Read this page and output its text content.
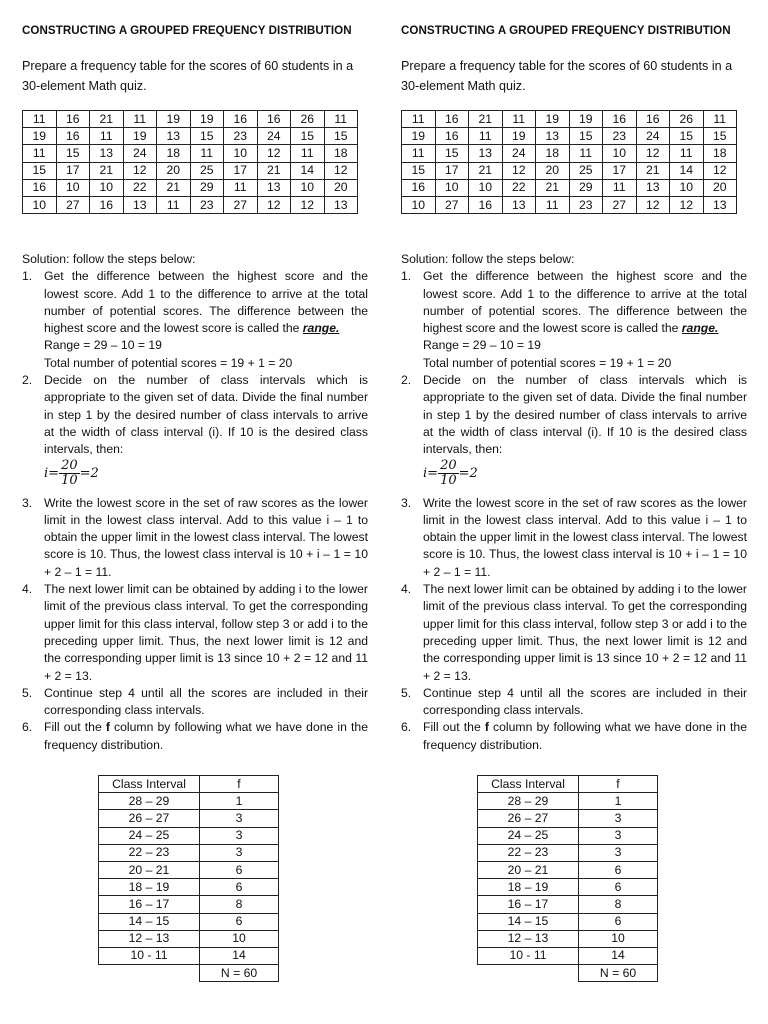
CONSTRUCTING A GROUPED FREQUENCY DISTRIBUTION
Prepare a frequency table for the scores of 60 students in a 30-element Math quiz.
11	16	21	11	19	19	16	16	26	11
19	16	11	19	13	15	23	24	15	15
11	15	13	24	18	11	10	12	11	18
15	17	21	12	20	25	17	21	14	12
16	10	10	22	21	29	11	13	10	20
10	27	16	13	11	23	27	12	12	13

Solution: follow the steps below:

1. Get the difference between the highest score and the lowest score. Add 1 to the difference to arrive at the total number of potential scores. The difference between the highest score and the lowest score is called the range.
Range = 29 – 10 = 19
Total number of potential scores = 19 + 1 = 20
2. Decide on the number of class intervals which is appropriate to the given set of data. Divide the final number in step 1 by the desired number of class intervals to arrive at the width of class interval (i). If 10 is the desired class intervals, then:
$i= \frac{20}{10} =2$
3. Write the lowest score in the set of raw scores as the lower limit in the lowest class interval. Add to this value i – 1 to obtain the upper limit in the lowest class interval. The lowest score is 10. Thus, the lowest class interval is 10 + i – 1 = 10 + 2 – 1 = 11.
4. The next lower limit can be obtained by adding i to the lower limit of the previous class interval. To get the corresponding upper limit for this class interval, follow step 3 or add i to the preceding upper limit. Thus, the next lower limit is 12 and the corresponding upper limit is 13 since 10 + 2 = 12 and 11 + 2 = 13.
5. Continue step 4 until all the scores are included in their corresponding class intervals.
6. Fill out the f column by following what we have done in the frequency distribution.
Class Interval	f
28 – 29	1
26 – 27	3
24 – 25	3
22 – 23	3
20 – 21	6
18 – 19	6
16 – 17	8
14 – 15	6
12 – 13	10
10 - 11	14
	N = 60
CONSTRUCTING A GROUPED FREQUENCY DISTRIBUTION
Prepare a frequency table for the scores of 60 students in a 30-element Math quiz.
11	16	21	11	19	19	16	16	26	11
19	16	11	19	13	15	23	24	15	15
11	15	13	24	18	11	10	12	11	18
15	17	21	12	20	25	17	21	14	12
16	10	10	22	21	29	11	13	10	20
10	27	16	13	11	23	27	12	12	13

Solution: follow the steps below:

1. Get the difference between the highest score and the lowest score. Add 1 to the difference to arrive at the total number of potential scores. The difference between the highest score and the lowest score is called the range.
Range = 29 – 10 = 19
Total number of potential scores = 19 + 1 = 20
2. Decide on the number of class intervals which is appropriate to the given set of data. Divide the final number in step 1 by the desired number of class intervals to arrive at the width of class interval (i). If 10 is the desired class intervals, then:
$i= \frac{20}{10} =2$
3. Write the lowest score in the set of raw scores as the lower limit in the lowest class interval. Add to this value i – 1 to obtain the upper limit in the lowest class interval. The lowest score is 10. Thus, the lowest class interval is 10 + i – 1 = 10 + 2 – 1 = 11.
4. The next lower limit can be obtained by adding i to the lower limit of the previous class interval. To get the corresponding upper limit for this class interval, follow step 3 or add i to the preceding upper limit. Thus, the next lower limit is 12 and the corresponding upper limit is 13 since 10 + 2 = 12 and 11 + 2 = 13.
5. Continue step 4 until all the scores are included in their corresponding class intervals.
6. Fill out the f column by following what we have done in the frequency distribution.
Class Interval	f
28 – 29	1
26 – 27	3
24 – 25	3
22 – 23	3
20 – 21	6
18 – 19	6
16 – 17	8
14 – 15	6
12 – 13	10
10 - 11	14
	N = 60
